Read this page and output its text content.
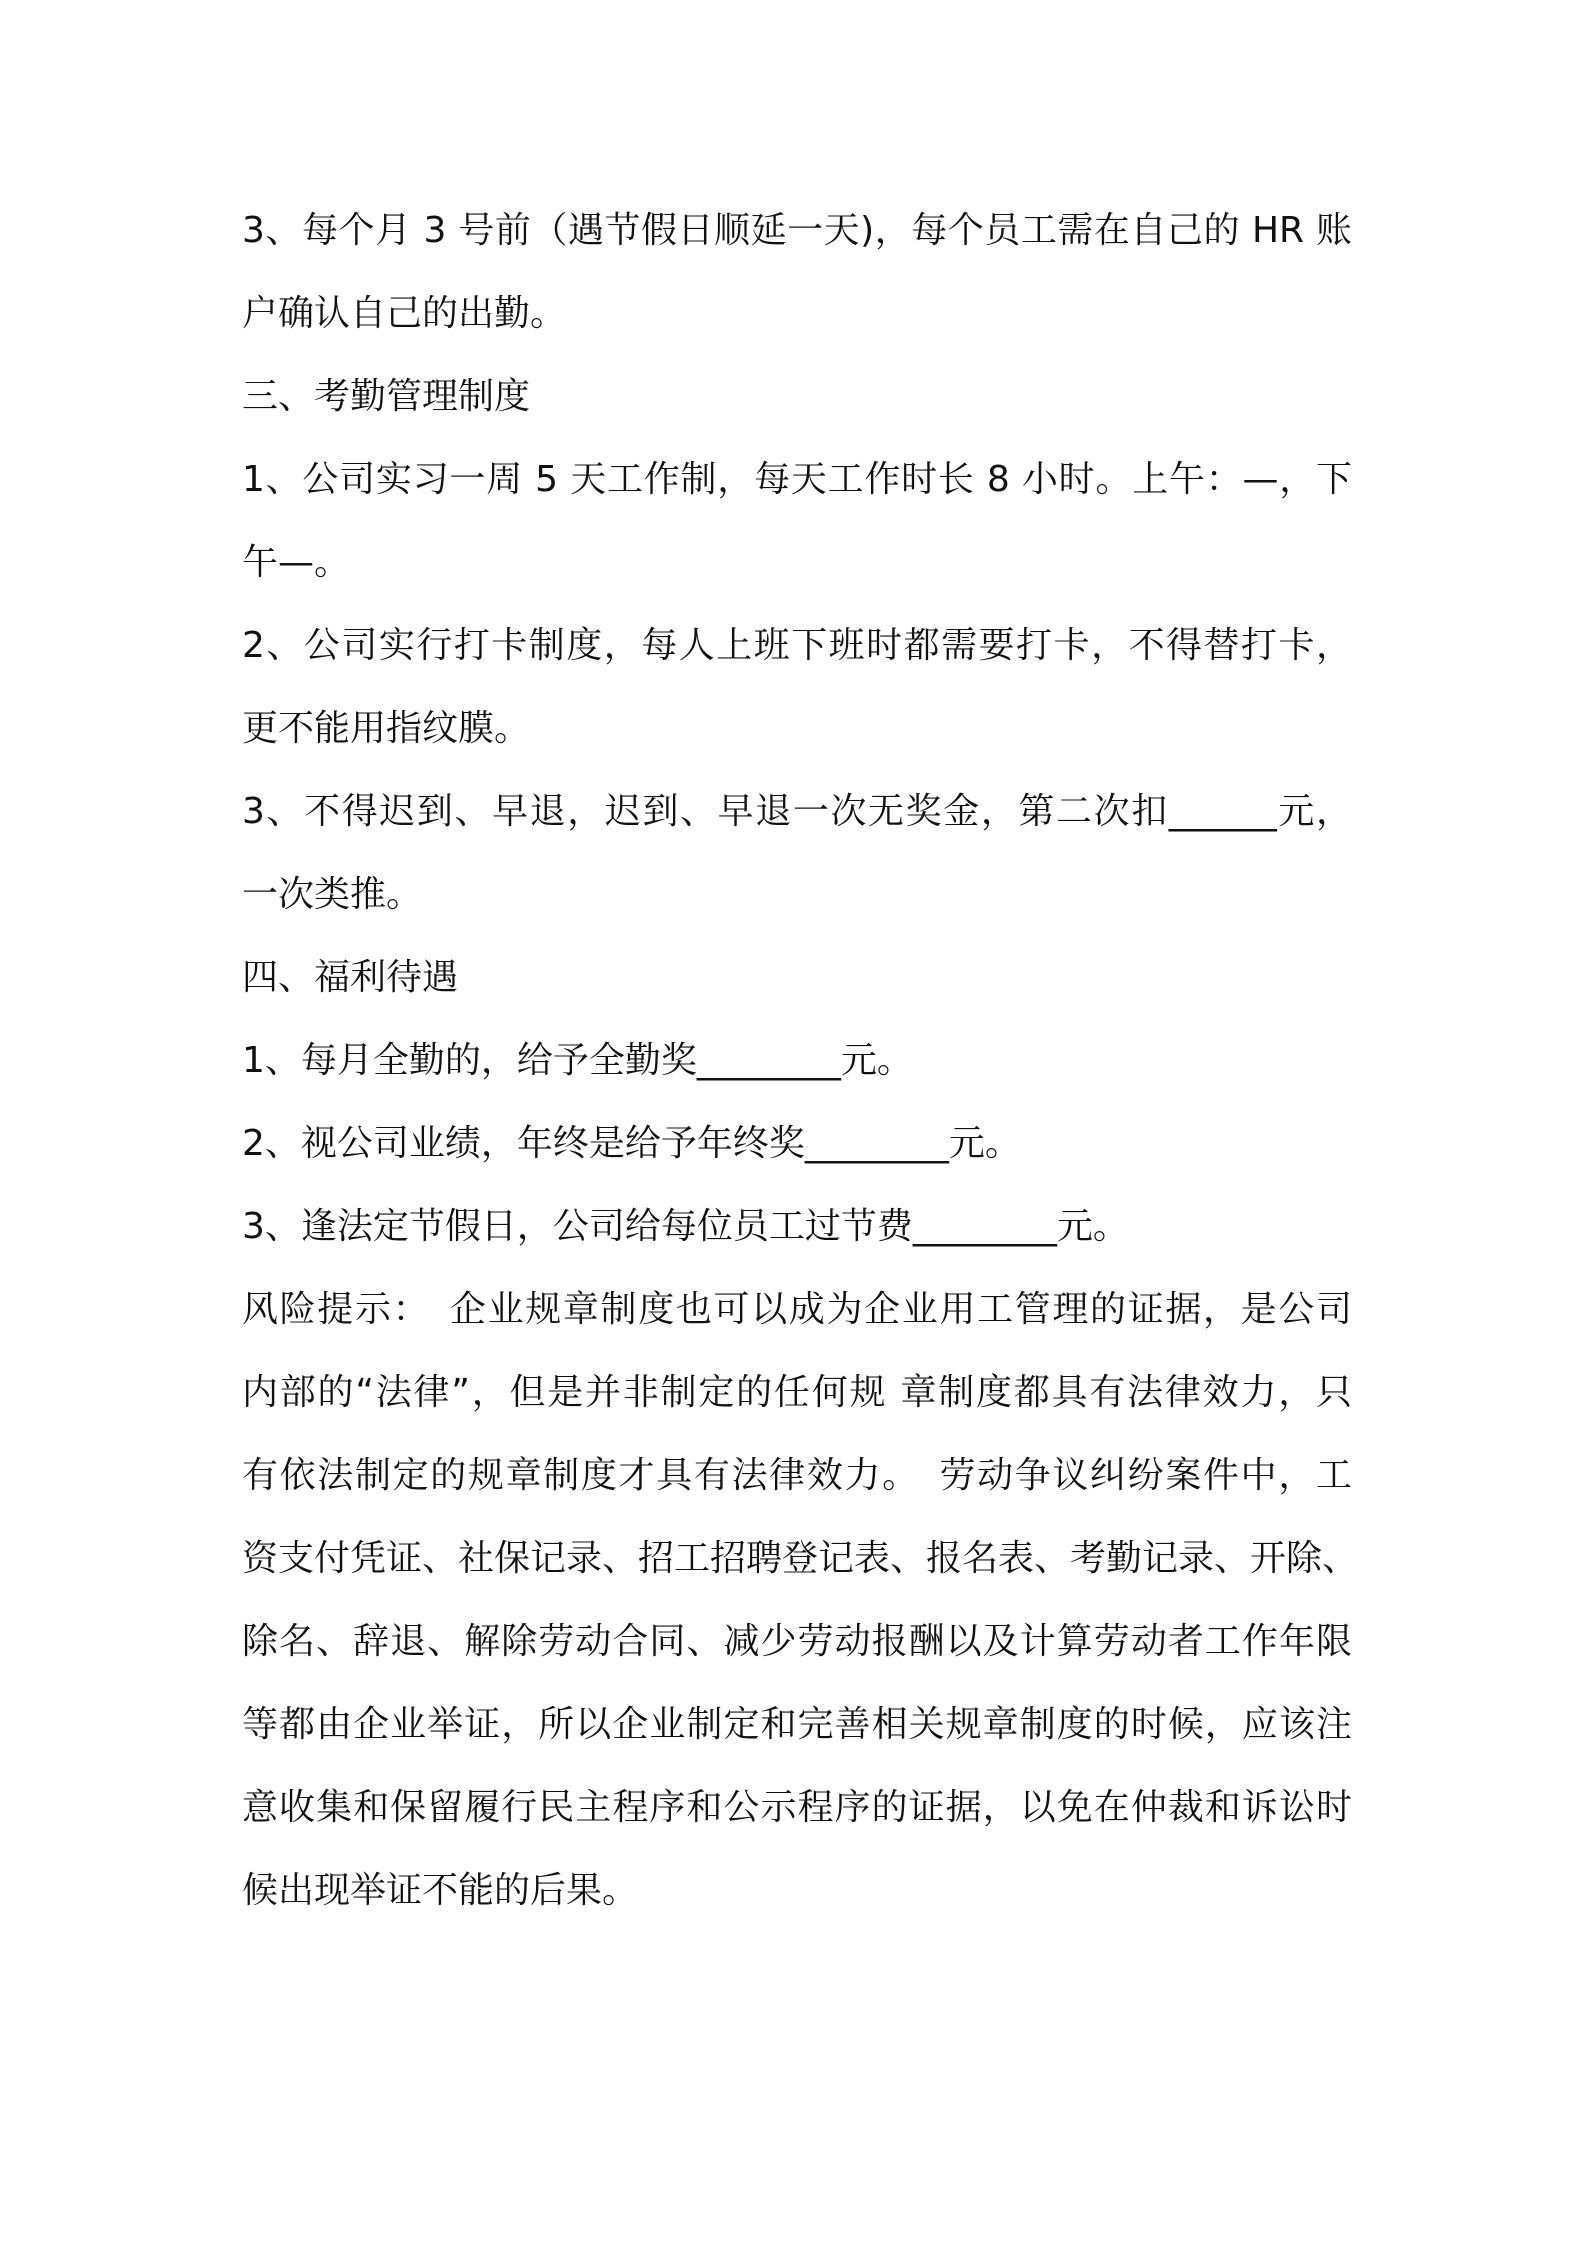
3、每个月 3 号前（遇节假日顺延一天)，每个员工需在自己的 HR 账
户确认自己的出勤。
三、考勤管理制度
1、公司实习一周 5 天工作制，每天工作时长 8 小时。上午：—，下
午—。
2、公司实行打卡制度，每人上班下班时都需要打卡，不得替打卡，
更不能用指纹膜。
3、不得迟到、早退，迟到、早退一次无奖金，第二次扣______元，
一次类推。
四、福利待遇
1、每月全勤的，给予全勤奖________元。
2、视公司业绩，年终是给予年终奖________元。
3、逢法定节假日，公司给每位员工过节费________元。
风险提示：　企业规章制度也可以成为企业用工管理的证据，是公司
内部的“法律”，但是并非制定的任何规 章制度都具有法律效力，只
有依法制定的规章制度才具有法律效力。　劳动争议纠纷案件中，工
资支付凭证、社保记录、招工招聘登记表、报名表、考勤记录、开除、
除名、辞退、解除劳动合同、减少劳动报酬以及计算劳动者工作年限
等都由企业举证，所以企业制定和完善相关规章制度的时候，应该注
意收集和保留履行民主程序和公示程序的证据，以免在仲裁和诉讼时
候出现举证不能的后果。
